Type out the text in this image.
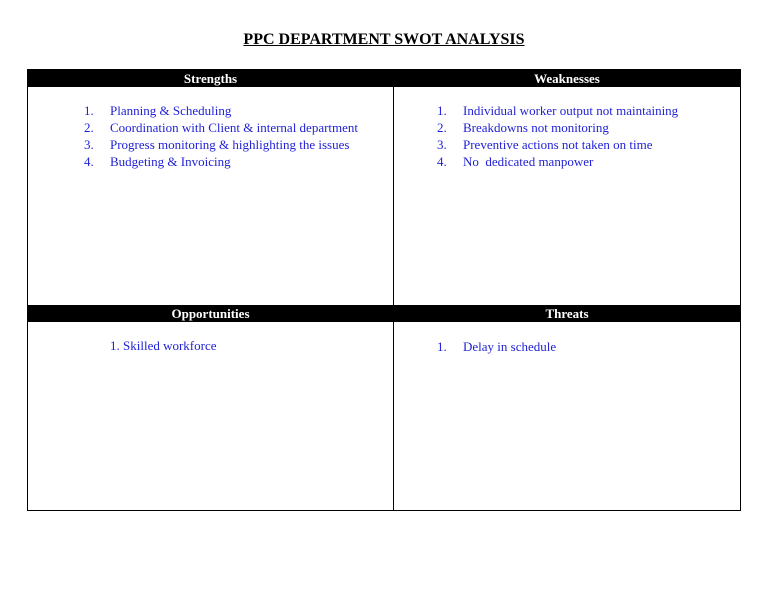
PPC DEPARTMENT SWOT ANALYSIS
Strengths
1. Planning & Scheduling
2. Coordination with Client & internal department
3. Progress monitoring & highlighting the issues
4. Budgeting & Invoicing
Weaknesses
1. Individual worker output not maintaining
2. Breakdowns not monitoring
3. Preventive actions not taken on time
4. No  dedicated manpower
Opportunities
1. Skilled workforce
Threats
1. Delay in schedule
